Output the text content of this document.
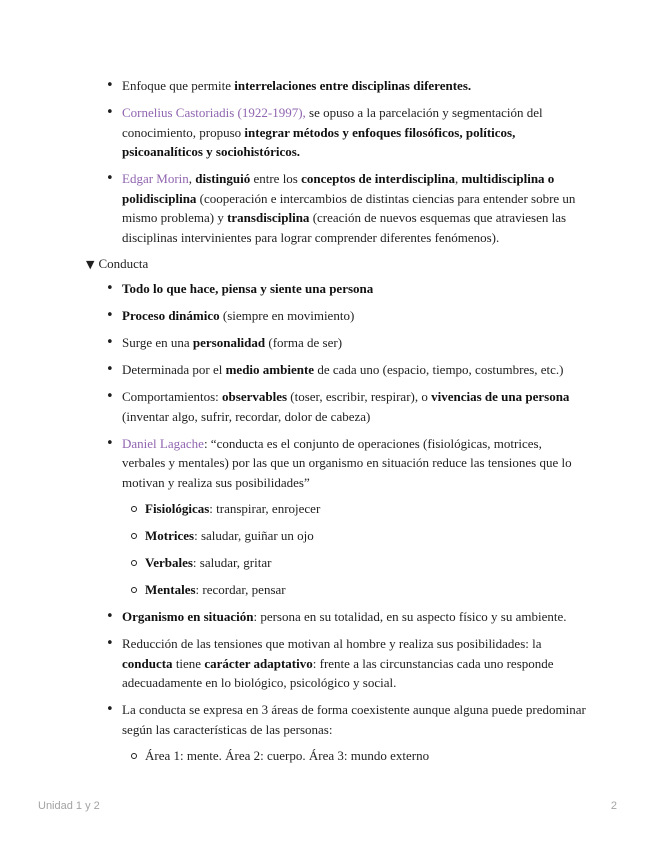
• Enfoque que permite interrelaciones entre disciplinas diferentes.
• Cornelius Castoriadis (1922-1997), se opuso a la parcelación y segmentación del conocimiento, propuso integrar métodos y enfoques filosóficos, políticos, psicoanalíticos y sociohistóricos.
• Edgar Morin, distinguió entre los conceptos de interdisciplina, multidisciplina o polidisciplina (cooperación e intercambios de distintas ciencias para entender sobre un mismo problema) y transdisciplina (creación de nuevos esquemas que atraviesen las disciplinas intervinientes para lograr comprender diferentes fenómenos).
▼ Conducta
• Todo lo que hace, piensa y siente una persona
• Proceso dinámico (siempre en movimiento)
• Surge en una personalidad (forma de ser)
• Determinada por el medio ambiente de cada uno (espacio, tiempo, costumbres, etc.)
• Comportamientos: observables (toser, escribir, respirar), o vivencias de una persona (inventar algo, sufrir, recordar, dolor de cabeza)
• Daniel Lagache: “conducta es el conjunto de operaciones (fisiológicas, motrices, verbales y mentales) por las que un organismo en situación reduce las tensiones que lo motivan y realiza sus posibilidades”
Fisiológicas: transpirar, enrojecer
Motrices: saludar, guiñar un ojo
Verbales: saludar, gritar
Mentales: recordar, pensar
• Organismo en situación: persona en su totalidad, en su aspecto físico y su ambiente.
• Reducción de las tensiones que motivan al hombre y realiza sus posibilidades: la conducta tiene carácter adaptativo: frente a las circunstancias cada uno responde adecuadamente en lo biológico, psicológico y social.
• La conducta se expresa en 3 áreas de forma coexistente aunque alguna puede predominar según las características de las personas:
Área 1: mente. Área 2: cuerpo. Área 3: mundo externo
Unidad 1 y 2	2
